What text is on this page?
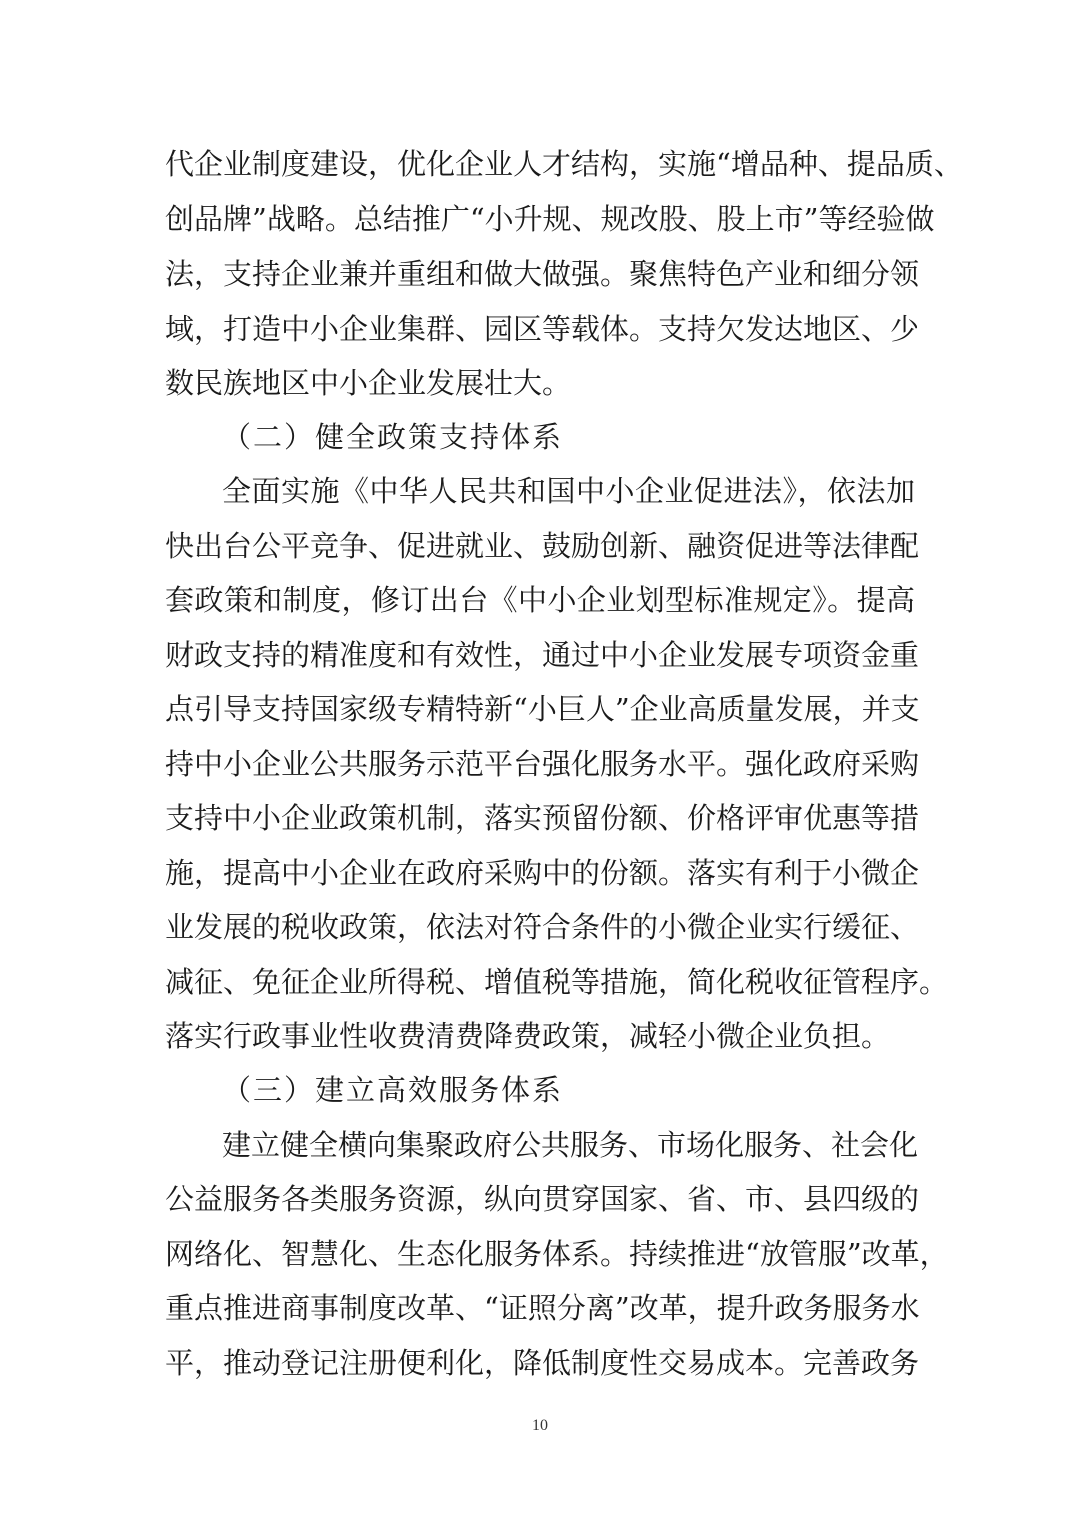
代企业制度建设，优化企业人才结构，实施“增品种、提品质、
创品牌”战略。总结推广“小升规、规改股、股上市”等经验做
法，支持企业兼并重组和做大做强。聚焦特色产业和细分领
域，打造中小企业集群、园区等载体。支持欠发达地区、少
数民族地区中小企业发展壮大。
（二）健全政策支持体系
全面实施《中华人民共和国中小企业促进法》，依法加
快出台公平竞争、促进就业、鼓励创新、融资促进等法律配
套政策和制度，修订出台《中小企业划型标准规定》。提高
财政支持的精准度和有效性，通过中小企业发展专项资金重
点引导支持国家级专精特新“小巨人”企业高质量发展，并支
持中小企业公共服务示范平台强化服务水平。强化政府采购
支持中小企业政策机制，落实预留份额、价格评审优惠等措
施，提高中小企业在政府采购中的份额。落实有利于小微企
业发展的税收政策，依法对符合条件的小微企业实行缓征、
减征、免征企业所得税、增值税等措施，简化税收征管程序。
落实行政事业性收费清费降费政策，减轻小微企业负担。
（三）建立高效服务体系
建立健全横向集聚政府公共服务、市场化服务、社会化
公益服务各类服务资源，纵向贯穿国家、省、市、县四级的
网络化、智慧化、生态化服务体系。持续推进“放管服”改革，
重点推进商事制度改革、“证照分离”改革，提升政务服务水
平，推动登记注册便利化，降低制度性交易成本。完善政务
10
